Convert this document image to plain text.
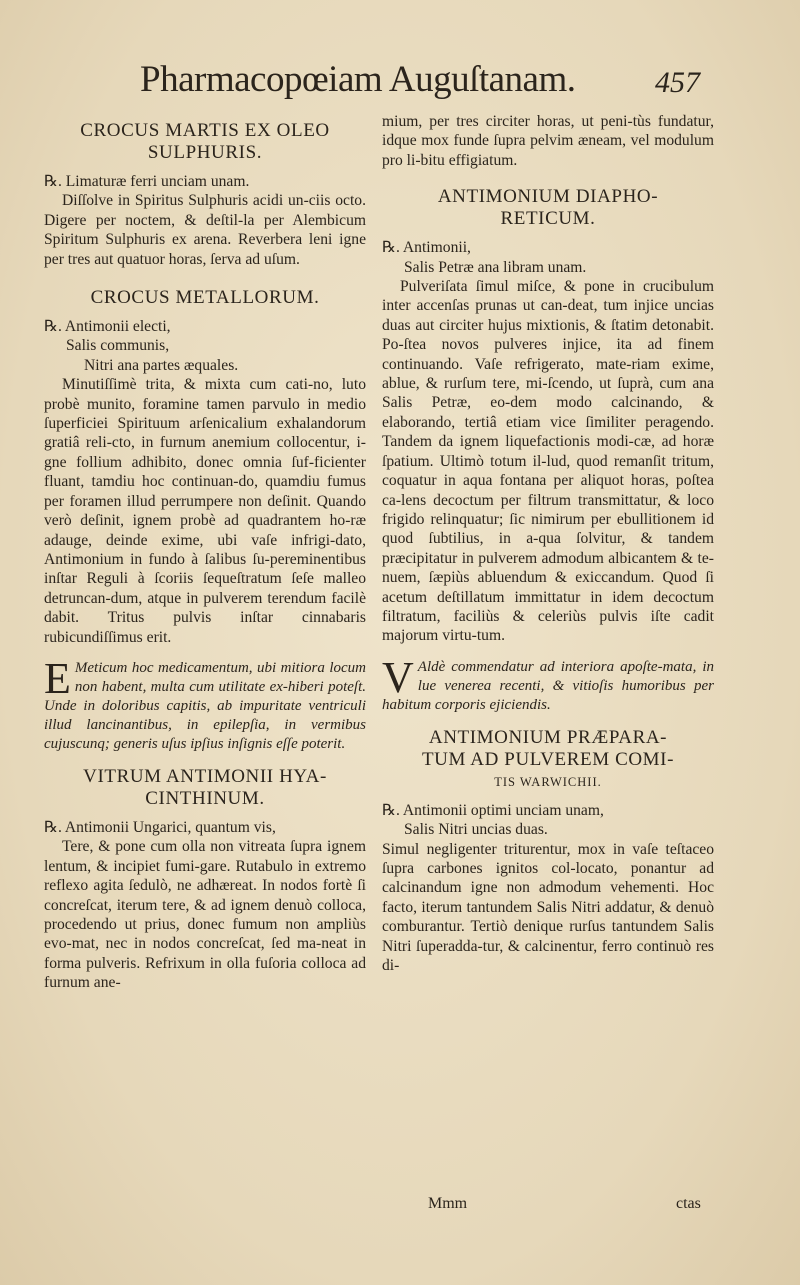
Pharmacopœiam Auguſtanam.	457
CROCUS MARTIS EX OLEO
SULPHURIS.

℞. Limaturæ ferri unciam unam.

Diſſolve in Spiritus Sulphuris acidi un-ciis octo. Digere per noctem, & deſtil-la per Alembicum Spiritum Sulphuris ex arena. Reverbera leni igne per tres aut quatuor horas, ſerva ad uſum.

CROCUS METALLORUM.

℞. Antimonii electi,

Salis communis,

Nitri ana partes æquales.

Minutiſſimè trita, & mixta cum cati-no, luto probè munito, foramine tamen parvulo in medio ſuperficiei Spirituum arſenicalium exhalandorum gratiâ reli-cto, in furnum anemium collocentur, i-gne follium adhibito, donec omnia ſuf-ficienter fluant, tamdiu hoc continuan-do, quamdiu fumus per foramen illud perrumpere non deſinit. Quando verò deſinit, ignem probè ad quadrantem ho-ræ adauge, deinde exime, ubi vaſe infrigi-dato, Antimonium in fundo à ſalibus ſu-pereminentibus inſtar Reguli à ſcoriis ſequeſtratum ſeſe malleo detruncan-dum, atque in pulverem terendum facilè dabit. Tritus pulvis inſtar cinnabaris rubicundiſſimus erit.

E Meticum hoc medicamentum, ubi mitiora locum non habent, multa cum utilitate ex-hiberi poteſt. Unde in doloribus capitis, ab impuritate ventriculi illud lancinantibus, in epilepſia, in vermibus cujuscunq; generis uſus ipſius inſignis eſſe poterit.
VITRUM ANTIMONII HYA-
CINTHINUM.

℞. Antimonii Ungarici, quantum vis,

Tere, & pone cum olla non vitreata ſupra ignem lentum, & incipiet fumi-gare. Rutabulo in extremo reflexo agita ſedulò, ne adhæreat. In nodos fortè ſi concreſcat, iterum tere, & ad ignem denuò colloca, procedendo ut prius, donec fumum non ampliùs evo-mat, nec in nodos concreſcat, ſed ma-neat in forma pulveris. Refrixum in olla fuſoria colloca ad furnum ane-

mium, per tres circiter horas, ut peni-tùs fundatur, idque mox funde ſupra pelvim æneam, vel modulum pro li-bitu effigiatum.

ANTIMONIUM DIAPHO-
RETICUM.

℞. Antimonii,

Salis Petræ ana libram unam.

Pulveriſata ſimul miſce, & pone in crucibulum inter accenſas prunas ut can-deat, tum injice uncias duas aut circiter hujus mixtionis, & ſtatim detonabit. Po-ſtea novos pulveres injice, ita ad finem continuando. Vaſe refrigerato, mate-riam exime, ablue, & rurſum tere, mi-ſcendo, ut ſuprà, cum ana Salis Petræ, eo-dem modo calcinando, & elaborando, tertiâ etiam vice ſimiliter peragendo. Tandem da ignem liquefactionis modi-cæ, ad horæ ſpatium. Ultimò totum il-lud, quod remanſit tritum, coquatur in aqua fontana per aliquot horas, poſtea ca-lens decoctum per filtrum transmittatur, & loco frigido relinquatur; ſic nimirum per ebullitionem id quod ſubtilius, in a-qua ſolvitur, & tandem præcipitatur in pulverem admodum albicantem & te-nuem, ſæpiùs abluendum & exiccandum. Quod ſi acetum deſtillatum immittatur in idem decoctum filtratum, faciliùs & celeriùs pulvis iſte cadit majorum virtu-tum.

V Aldè commendatur ad interiora apoſte-mata, in lue venerea recenti, & vitioſis humoribus per habitum corporis ejiciendis.
ANTIMONIUM PRÆPARA-
TUM AD PULVEREM COMI-
TIS WARWICHII.

℞. Antimonii optimi unciam unam,

Salis Nitri uncias duas.

Simul negligenter triturentur, mox in vaſe teſtaceo ſupra carbones ignitos col-locato, ponantur ad calcinandum igne non admodum vehementi. Hoc facto, iterum tantundem Salis Nitri addatur, & denuò comburantur. Tertiò denique rurſus tantundem Salis Nitri ſuperadda-tur, & calcinentur, ferro continuò res di-

Mmm	ctas
